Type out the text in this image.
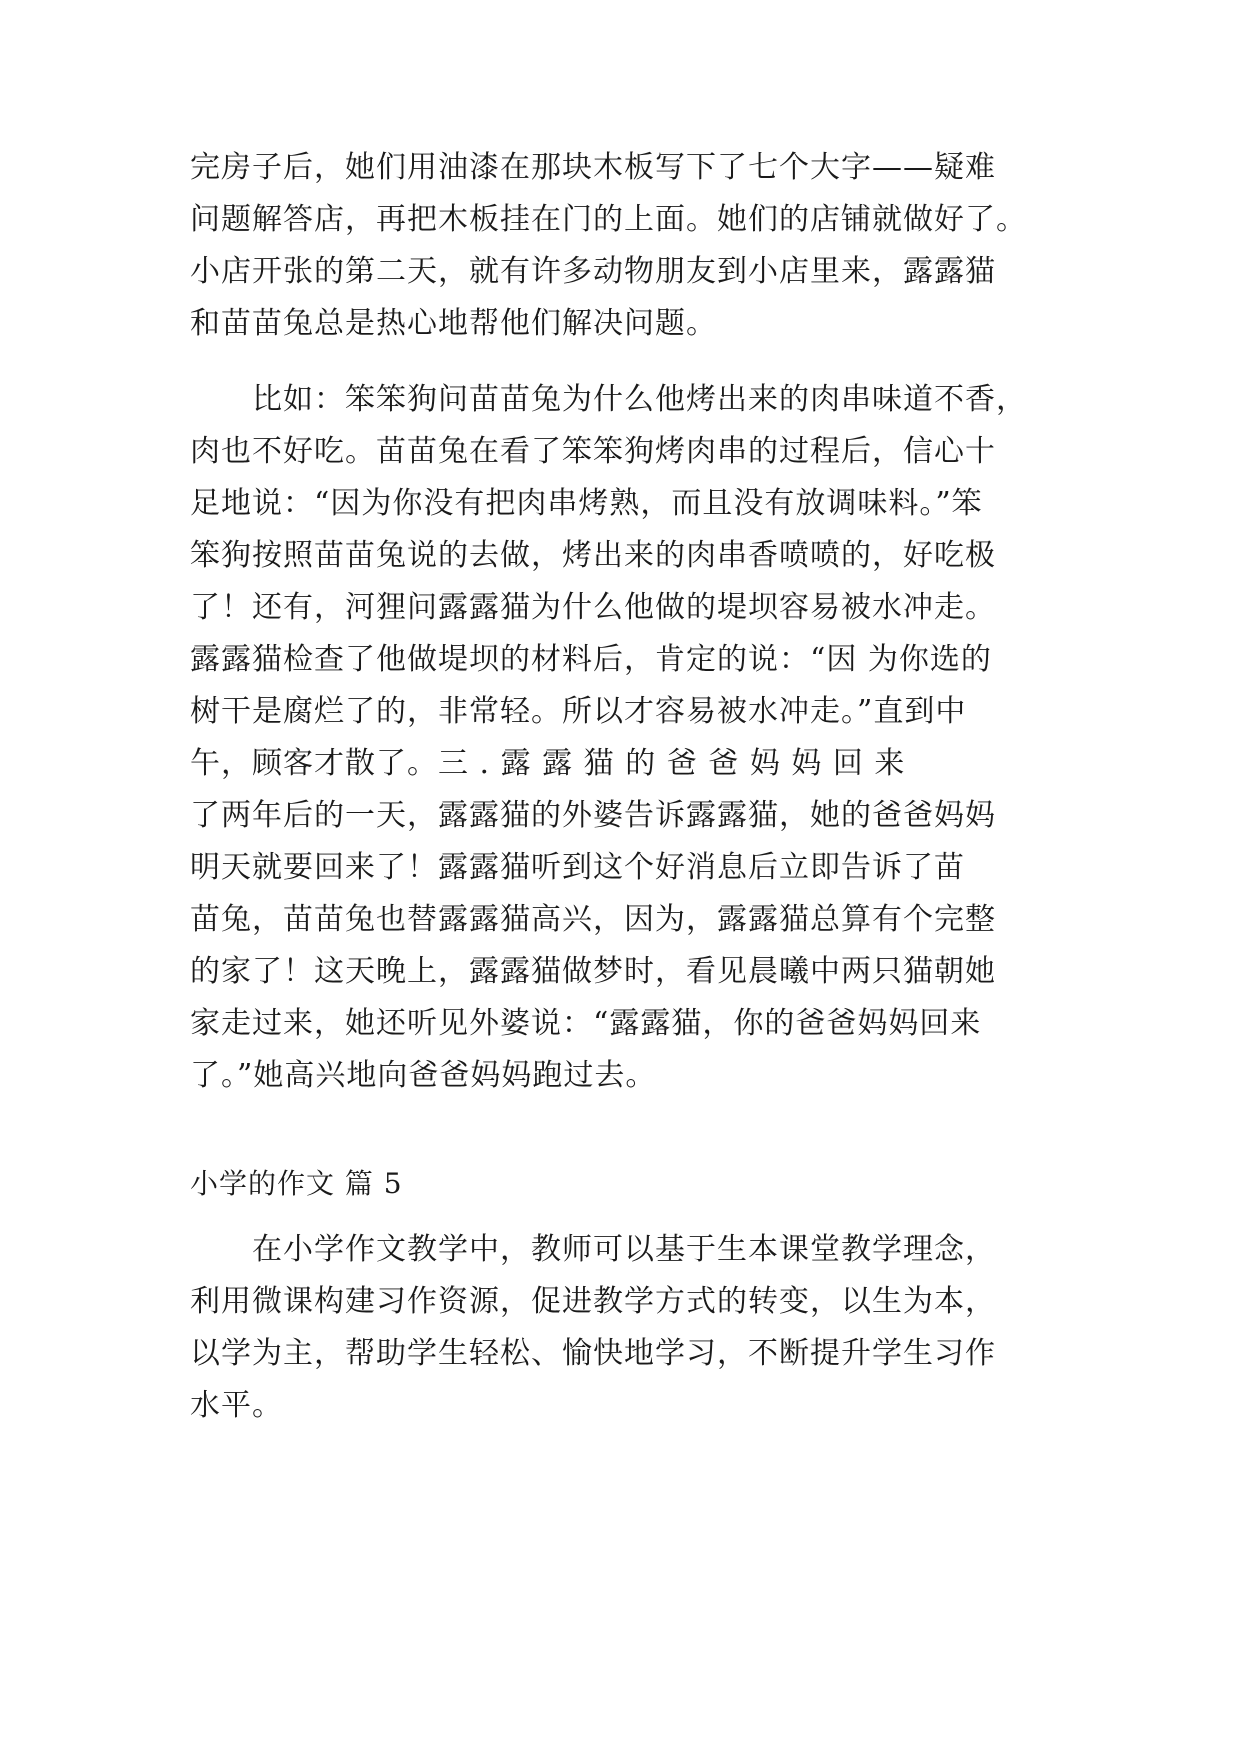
完房子后，她们用油漆在那块木板写下了七个大字——疑难
问题解答店，再把木板挂在门的上面。她们的店铺就做好了。
小店开张的第二天，就有许多动物朋友到小店里来，露露猫
和苗苗兔总是热心地帮他们解决问题。
　　比如：笨笨狗问苗苗兔为什么他烤出来的肉串味道不香，
肉也不好吃。苗苗兔在看了笨笨狗烤肉串的过程后，信心十
足地说：“因为你没有把肉串烤熟，而且没有放调味料。”笨
笨狗按照苗苗兔说的去做，烤出来的肉串香喷喷的，好吃极
了！还有，河狸问露露猫为什么他做的堤坝容易被水冲走。
露露猫检查了他做堤坝的材料后，肯定的说：“因 为你选的
树干是腐烂了的，非常轻。所以才容易被水冲走。”直到中
午，顾客才散了。三 . 露 露 猫 的 爸 爸 妈 妈 回 来
了两年后的一天，露露猫的外婆告诉露露猫，她的爸爸妈妈
明天就要回来了！露露猫听到这个好消息后立即告诉了苗
苗兔，苗苗兔也替露露猫高兴，因为，露露猫总算有个完整
的家了！这天晚上，露露猫做梦时，看见晨曦中两只猫朝她
家走过来，她还听见外婆说：“露露猫，你的爸爸妈妈回来
了。”她高兴地向爸爸妈妈跑过去。
小学的作文 篇 5
　　在小学作文教学中，教师可以基于生本课堂教学理念，
利用微课构建习作资源，促进教学方式的转变，以生为本，
以学为主，帮助学生轻松、愉快地学习，不断提升学生习作
水平。
